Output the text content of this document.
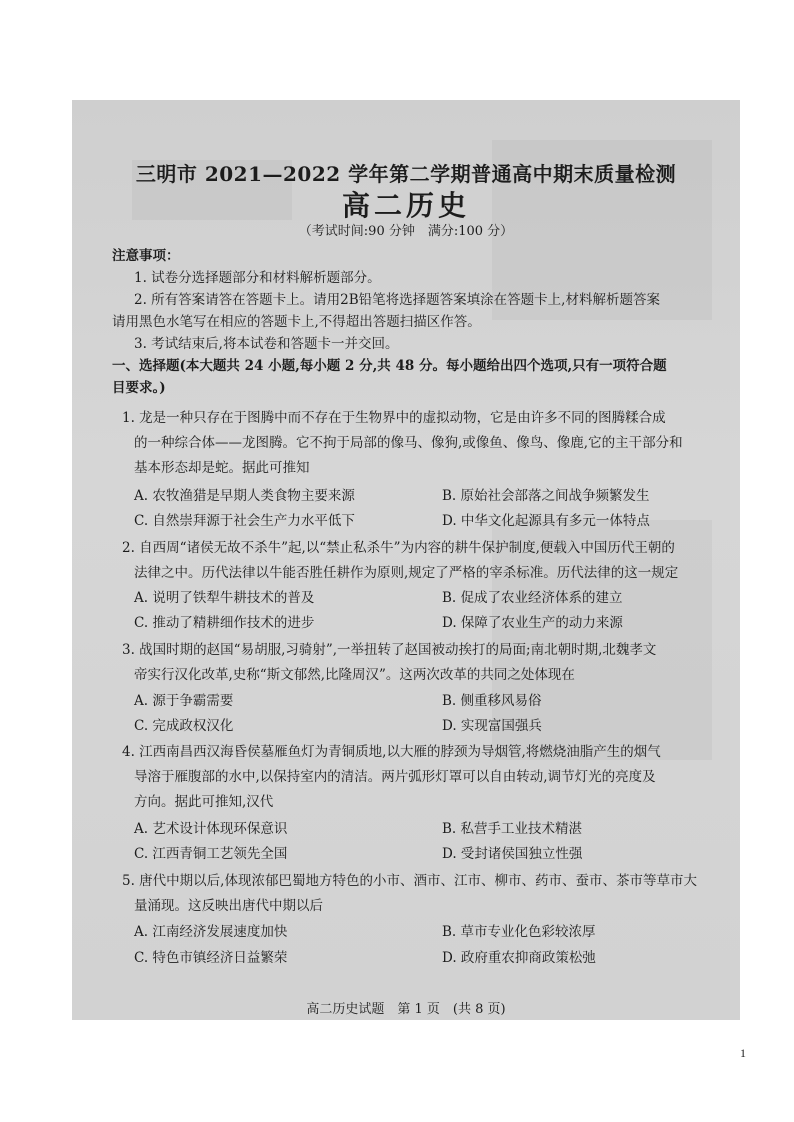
三明市 2021—2022 学年第二学期普通高中期末质量检测
高二历史
（考试时间:90 分钟　满分:100 分）
注意事项：
1. 试卷分选择题部分和材料解析题部分。
2. 所有答案请答在答题卡上。请用2B铅笔将选择题答案填涂在答题卡上,材料解析题答案
请用黑色水笔写在相应的答题卡上,不得超出答题扫描区作答。
3. 考试结束后,将本试卷和答题卡一并交回。
一、选择题(本大题共 24 小题,每小题 2 分,共 48 分。每小题给出四个选项,只有一项符合题
目要求。)
1. 龙是一种只存在于图腾中而不存在于生物界中的虚拟动物，它是由许多不同的图腾糅合成
的一种综合体——龙图腾。它不拘于局部的像马、像狗,或像鱼、像鸟、像鹿,它的主干部分和
基本形态却是蛇。据此可推知
A. 农牧渔猎是早期人类食物主要来源	B. 原始社会部落之间战争频繁发生
C. 自然崇拜源于社会生产力水平低下	D. 中华文化起源具有多元一体特点
2. 自西周“诸侯无故不杀牛”起,以“禁止私杀牛”为内容的耕牛保护制度,便载入中国历代王朝的
法律之中。历代法律以牛能否胜任耕作为原则,规定了严格的宰杀标准。历代法律的这一规定
A. 说明了铁犁牛耕技术的普及	B. 促成了农业经济体系的建立
C. 推动了精耕细作技术的进步	D. 保障了农业生产的动力来源
3. 战国时期的赵国“易胡服,习骑射”,一举扭转了赵国被动挨打的局面;南北朝时期,北魏孝文
帝实行汉化改革,史称“斯文郁然,比隆周汉”。这两次改革的共同之处体现在
A. 源于争霸需要	B. 侧重移风易俗
C. 完成政权汉化	D. 实现富国强兵
4. 江西南昌西汉海昏侯墓雁鱼灯为青铜质地,以大雁的脖颈为导烟管,将燃烧油脂产生的烟气
导溶于雁腹部的水中,以保持室内的清洁。两片弧形灯罩可以自由转动,调节灯光的亮度及
方向。据此可推知,汉代
A. 艺术设计体现环保意识	B. 私营手工业技术精湛
C. 江西青铜工艺领先全国	D. 受封诸侯国独立性强
5. 唐代中期以后,体现浓郁巴蜀地方特色的小市、酒市、江市、柳市、药市、蚕市、茶市等草市大
量涌现。这反映出唐代中期以后
A. 江南经济发展速度加快	B. 草市专业化色彩较浓厚
C. 特色市镇经济日益繁荣	D. 政府重农抑商政策松弛
高二历史试题　第 1 页　(共 8 页)
1
